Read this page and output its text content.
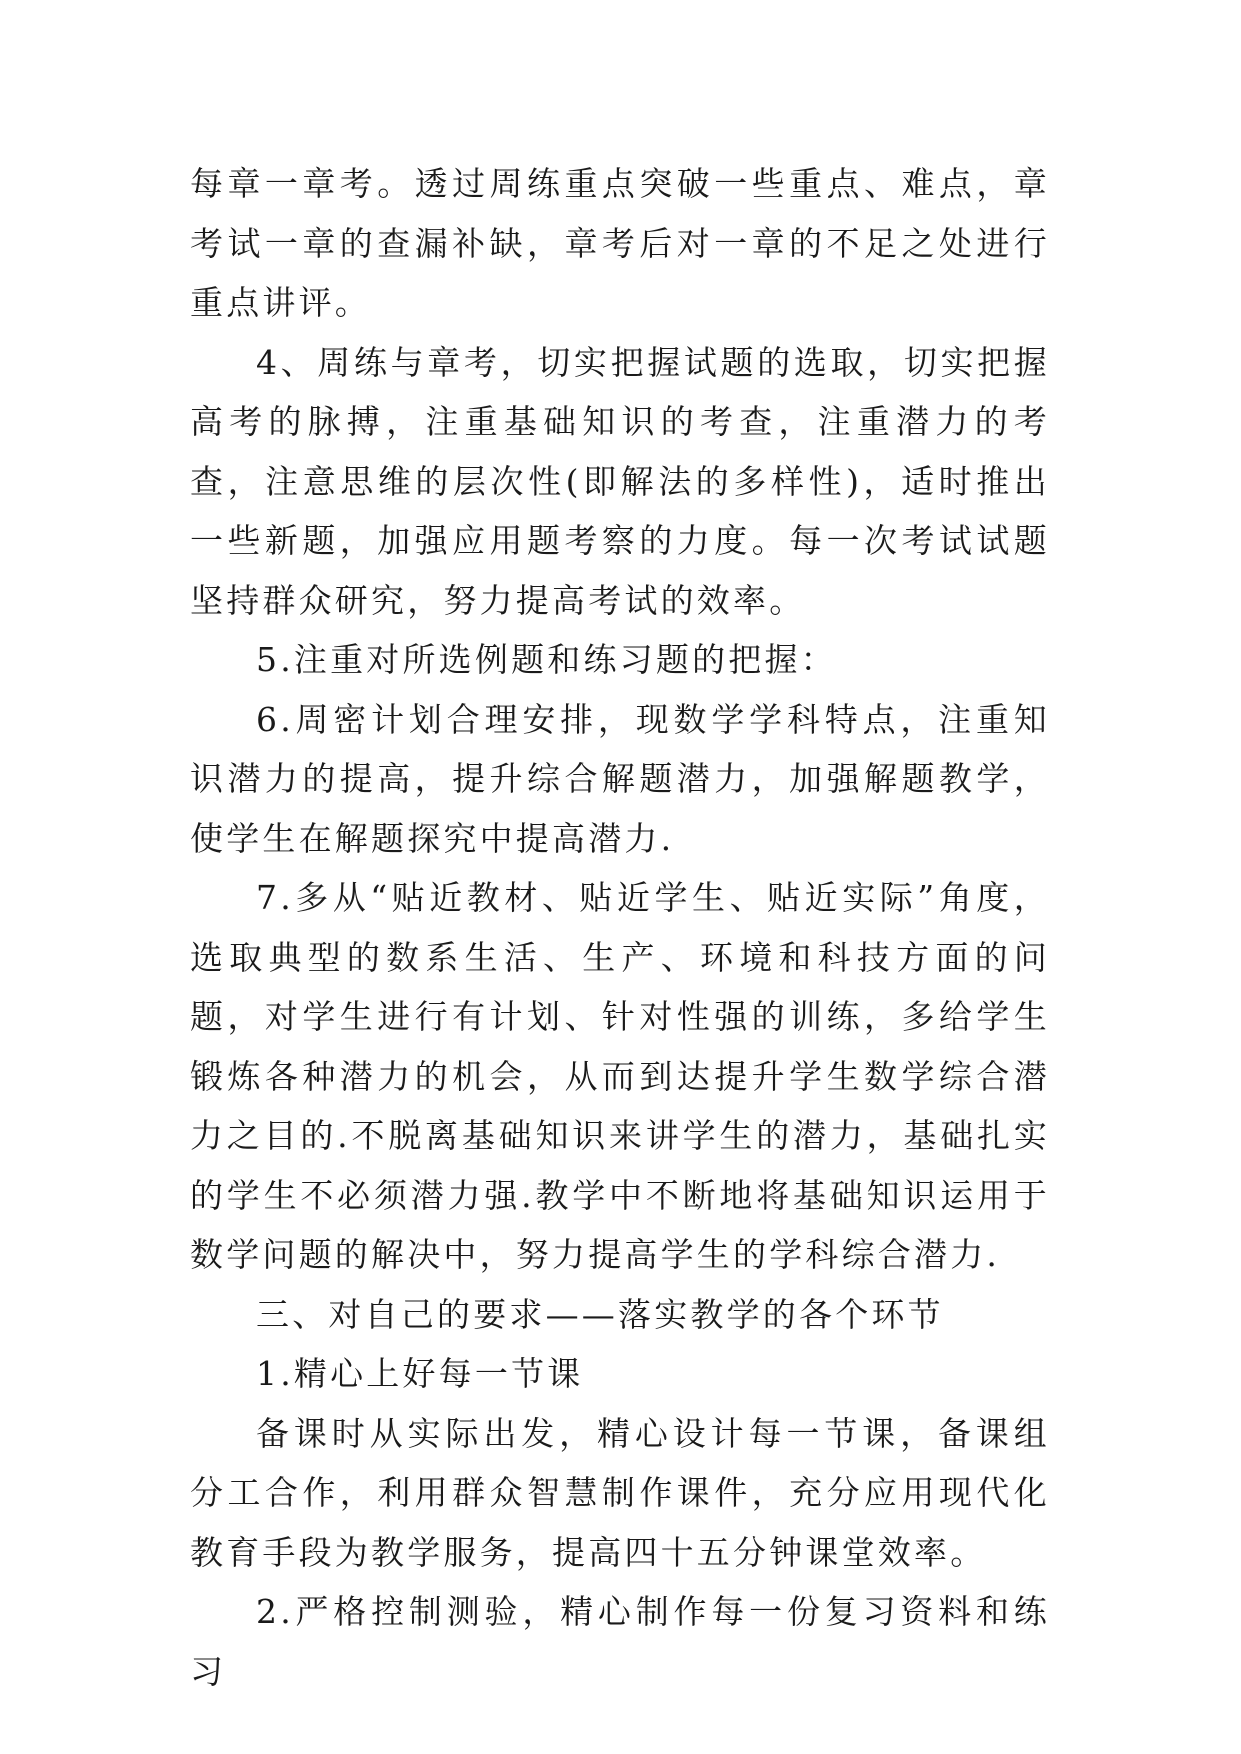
每章一章考。透过周练重点突破一些重点、难点，章考试一章的查漏补缺，章考后对一章的不足之处进行重点讲评。

4、周练与章考，切实把握试题的选取，切实把握高考的脉搏，注重基础知识的考查，注重潜力的考查，注意思维的层次性(即解法的多样性)，适时推出一些新题，加强应用题考察的力度。每一次考试试题坚持群众研究，努力提高考试的效率。

5.注重对所选例题和练习题的把握：

6.周密计划合理安排，现数学学科特点，注重知识潜力的提高，提升综合解题潜力，加强解题教学，使学生在解题探究中提高潜力.

7.多从“贴近教材、贴近学生、贴近实际”角度，选取典型的数系生活、生产、环境和科技方面的问题，对学生进行有计划、针对性强的训练，多给学生锻炼各种潜力的机会，从而到达提升学生数学综合潜力之目的.不脱离基础知识来讲学生的潜力，基础扎实的学生不必须潜力强.教学中不断地将基础知识运用于数学问题的解决中，努力提高学生的学科综合潜力.

三、对自己的要求——落实教学的各个环节

1.精心上好每一节课

备课时从实际出发，精心设计每一节课，备课组分工合作，利用群众智慧制作课件，充分应用现代化教育手段为教学服务，提高四十五分钟课堂效率。

2.严格控制测验，精心制作每一份复习资料和练习
